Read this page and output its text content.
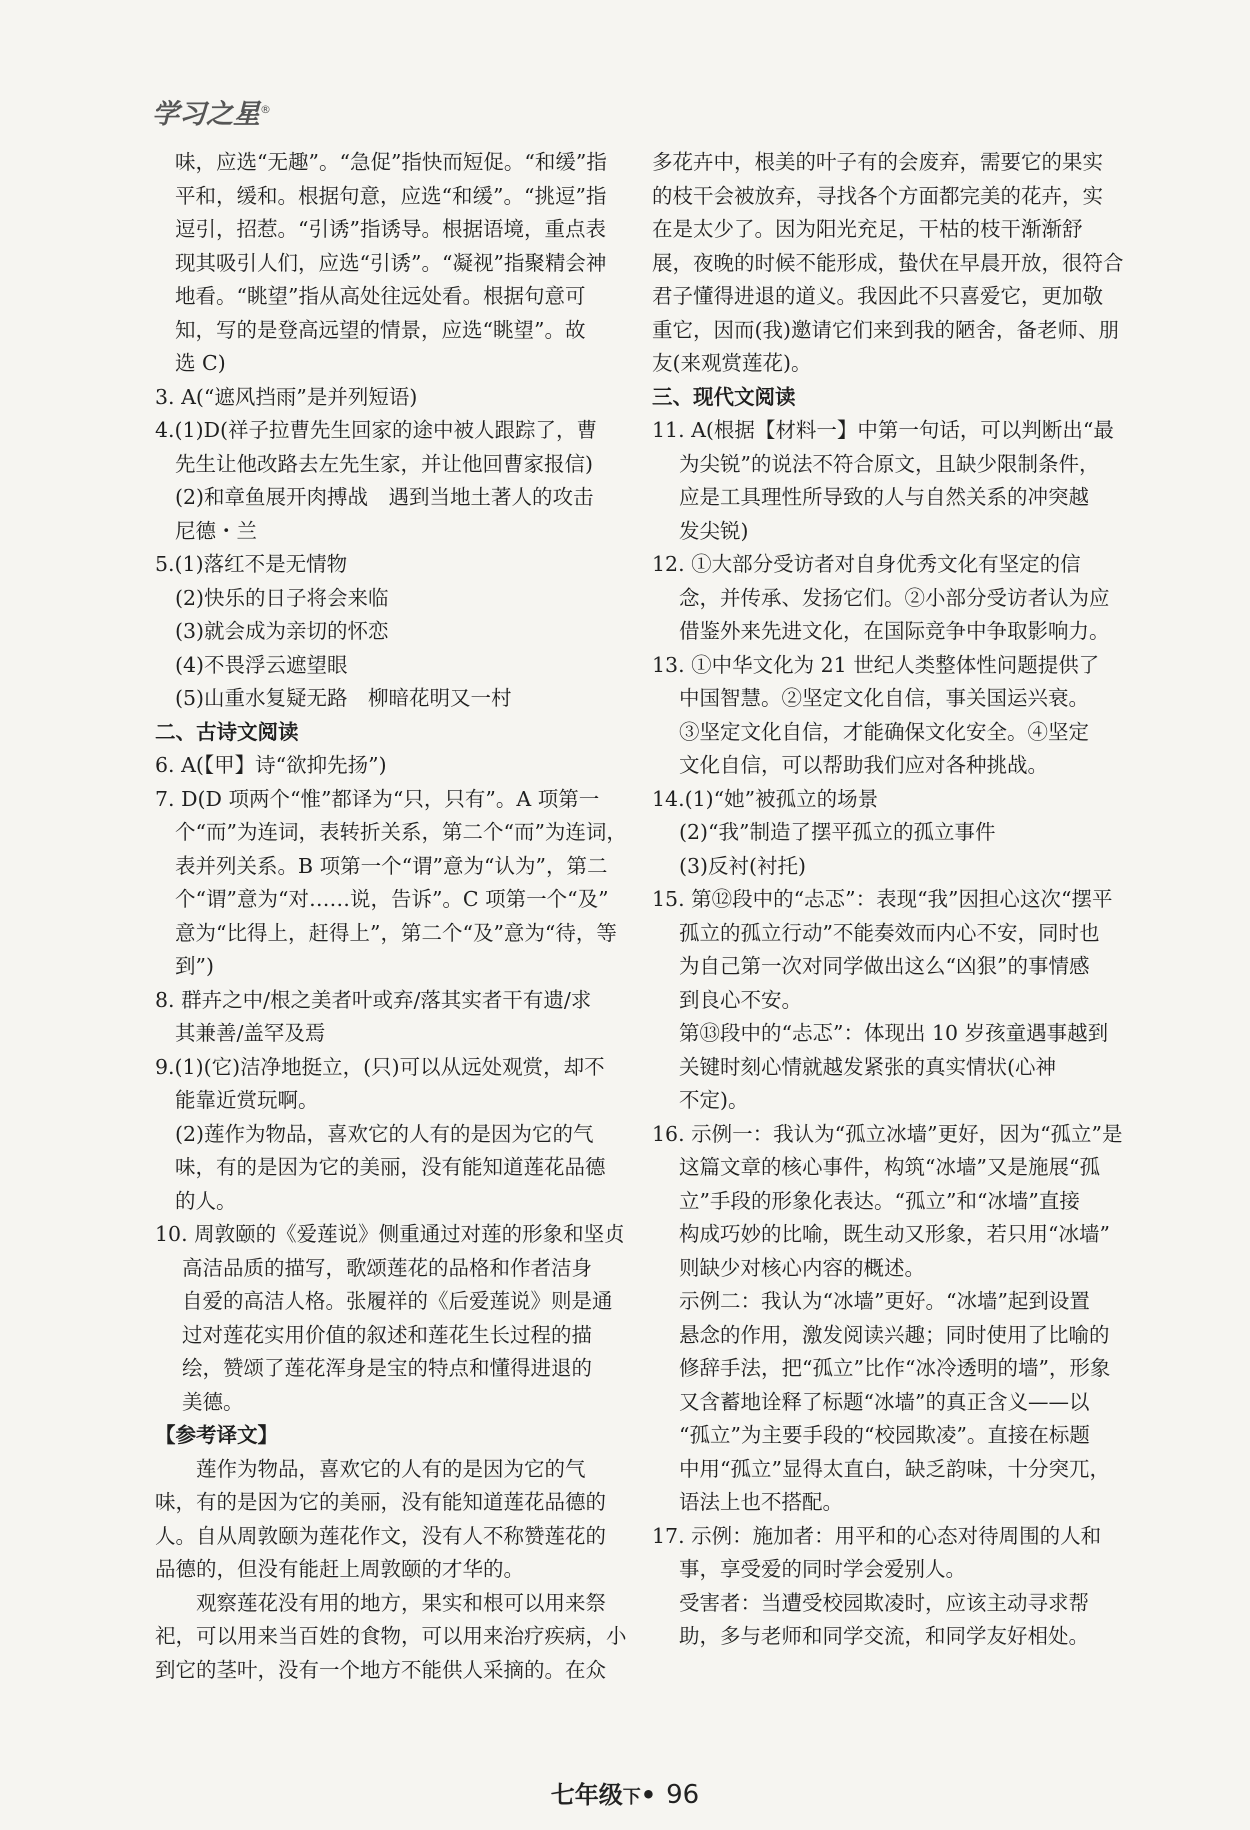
学习之星®

味，应选“无趣”。“急促”指快而短促。“和缓”指

平和，缓和。根据句意，应选“和缓”。“挑逗”指

逗引，招惹。“引诱”指诱导。根据语境，重点表

现其吸引人们，应选“引诱”。“凝视”指聚精会神

地看。“眺望”指从高处往远处看。根据句意可

知，写的是登高远望的情景，应选“眺望”。故

选 C)

3. A(“遮风挡雨”是并列短语)

4.(1)D(祥子拉曹先生回家的途中被人跟踪了，曹

先生让他改路去左先生家，并让他回曹家报信)

(2)和章鱼展开肉搏战　遇到当地土著人的攻击

尼德・兰

5.(1)落红不是无情物

(2)快乐的日子将会来临

(3)就会成为亲切的怀恋

(4)不畏浮云遮望眼

(5)山重水复疑无路　柳暗花明又一村

二、古诗文阅读

6. A(【甲】诗“欲抑先扬”)

7. D(D 项两个“惟”都译为“只，只有”。A 项第一

个“而”为连词，表转折关系，第二个“而”为连词，

表并列关系。B 项第一个“谓”意为“认为”，第二

个“谓”意为“对……说，告诉”。C 项第一个“及”

意为“比得上，赶得上”，第二个“及”意为“待，等到”)

8. 群卉之中/根之美者叶或弃/落其实者干有遗/求

其兼善/盖罕及焉

9.(1)(它)洁净地挺立，(只)可以从远处观赏，却不

能靠近赏玩啊。

(2)莲作为物品，喜欢它的人有的是因为它的气

味，有的是因为它的美丽，没有能知道莲花品德

的人。

10. 周敦颐的《爱莲说》侧重通过对莲的形象和坚贞

高洁品质的描写，歌颂莲花的品格和作者洁身

自爱的高洁人格。张履祥的《后爱莲说》则是通

过对莲花实用价值的叙述和莲花生长过程的描

绘，赞颂了莲花浑身是宝的特点和懂得进退的

美德。

【参考译文】

莲作为物品，喜欢它的人有的是因为它的气

味，有的是因为它的美丽，没有能知道莲花品德的

人。自从周敦颐为莲花作文，没有人不称赞莲花的

品德的，但没有能赶上周敦颐的才华的。

观察莲花没有用的地方，果实和根可以用来祭

祀，可以用来当百姓的食物，可以用来治疗疾病，小

到它的茎叶，没有一个地方不能供人采摘的。在众

多花卉中，根美的叶子有的会废弃，需要它的果实

的枝干会被放弃，寻找各个方面都完美的花卉，实

在是太少了。因为阳光充足，干枯的枝干渐渐舒

展，夜晚的时候不能形成，蛰伏在早晨开放，很符合

君子懂得进退的道义。我因此不只喜爱它，更加敬

重它，因而(我)邀请它们来到我的陋舍，备老师、朋

友(来观赏莲花)。

三、现代文阅读

11. A(根据【材料一】中第一句话，可以判断出“最

为尖锐”的说法不符合原文，且缺少限制条件，

应是工具理性所导致的人与自然关系的冲突越

发尖锐)

12. ①大部分受访者对自身优秀文化有坚定的信

念，并传承、发扬它们。②小部分受访者认为应

借鉴外来先进文化，在国际竞争中争取影响力。

13. ①中华文化为 21 世纪人类整体性问题提供了

中国智慧。②坚定文化自信，事关国运兴衰。

③坚定文化自信，才能确保文化安全。④坚定

文化自信，可以帮助我们应对各种挑战。

14.(1)“她”被孤立的场景

(2)“我”制造了摆平孤立的孤立事件

(3)反衬(衬托)

15. 第⑫段中的“忐忑”：表现“我”因担心这次“摆平

孤立的孤立行动”不能奏效而内心不安，同时也

为自己第一次对同学做出这么“凶狠”的事情感

到良心不安。

第⑬段中的“忐忑”：体现出 10 岁孩童遇事越到

关键时刻心情就越发紧张的真实情状(心神

不定)。

16. 示例一：我认为“孤立冰墙”更好，因为“孤立”是

这篇文章的核心事件，构筑“冰墙”又是施展“孤

立”手段的形象化表达。“孤立”和“冰墙”直接

构成巧妙的比喻，既生动又形象，若只用“冰墙”

则缺少对核心内容的概述。

示例二：我认为“冰墙”更好。“冰墙”起到设置

悬念的作用，激发阅读兴趣；同时使用了比喻的

修辞手法，把“孤立”比作“冰冷透明的墙”，形象

又含蓄地诠释了标题“冰墙”的真正含义——以

“孤立”为主要手段的“校园欺凌”。直接在标题

中用“孤立”显得太直白，缺乏韵味，十分突兀，

语法上也不搭配。

17. 示例：施加者：用平和的心态对待周围的人和

事，享受爱的同时学会爱别人。

受害者：当遭受校园欺凌时，应该主动寻求帮

助，多与老师和同学交流，和同学友好相处。

七年级下• 96
